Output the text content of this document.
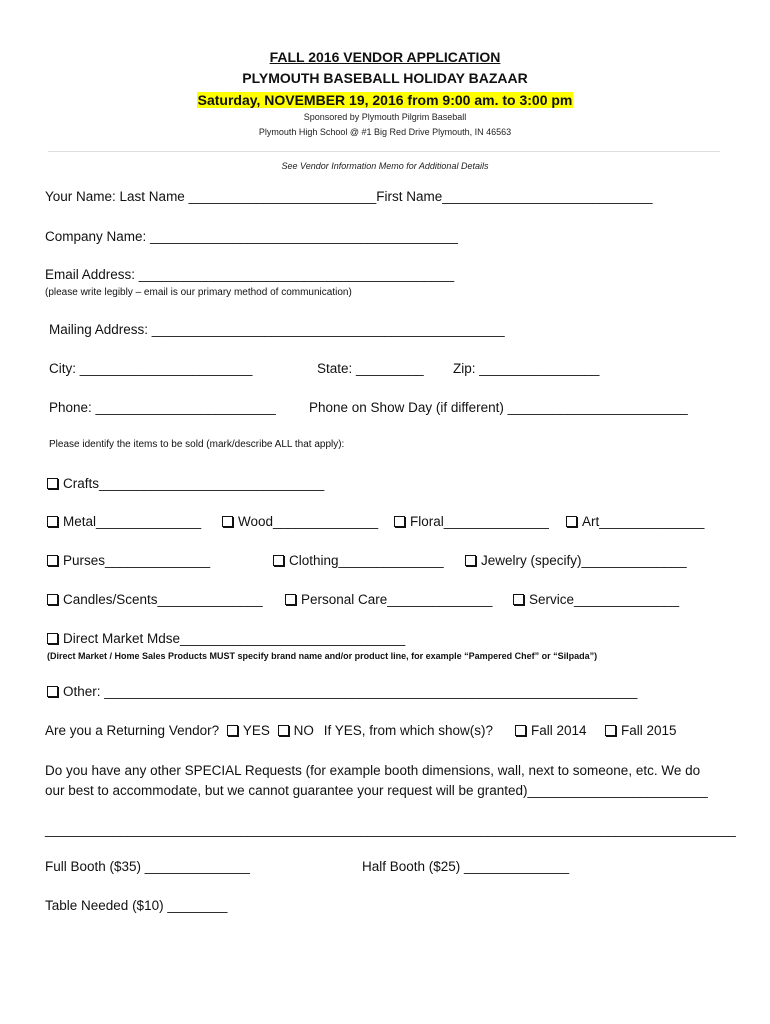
FALL 2016 VENDOR APPLICATION
PLYMOUTH BASEBALL HOLIDAY BAZAAR
Saturday, NOVEMBER 19, 2016 from 9:00 am. to 3:00 pm
Sponsored by Plymouth Pilgrim Baseball
Plymouth High School @ #1 Big Red Drive Plymouth, IN 46563
See Vendor Information Memo for Additional Details
Your Name: Last Name _________________________First Name____________________________
Company Name: _________________________________________
Email Address: __________________________________________
(please write legibly – email is our primary method of communication)
Mailing Address: _______________________________________________
City: _______________________	State: _________ Zip: ________________
Phone: ________________________ Phone on Show Day (if different) ________________________
Please identify the items to be sold (mark/describe ALL that apply):
Crafts______________________________
Metal______________	Wood______________	Floral______________	Art______________
Purses______________	Clothing______________	Jewelry (specify)______________
Candles/Scents______________	Personal Care______________	Service______________
Direct Market Mdse______________________________
(Direct Market / Home Sales Products MUST specify brand name and/or product line, for example “Pampered Chef” or “Silpada”)
Other: _______________________________________________________________________
Are you a Returning Vendor? YES NO If YES, from which show(s)?	Fall 2014	Fall 2015
Do you have any other SPECIAL Requests (for example booth dimensions, wall, next to someone, etc. We do
our best to accommodate, but we cannot guarantee your request will be granted)________________________
____________________________________________________________________________________________
Full Booth ($35) ______________	Half Booth ($25) ______________
Table Needed ($10) ________
